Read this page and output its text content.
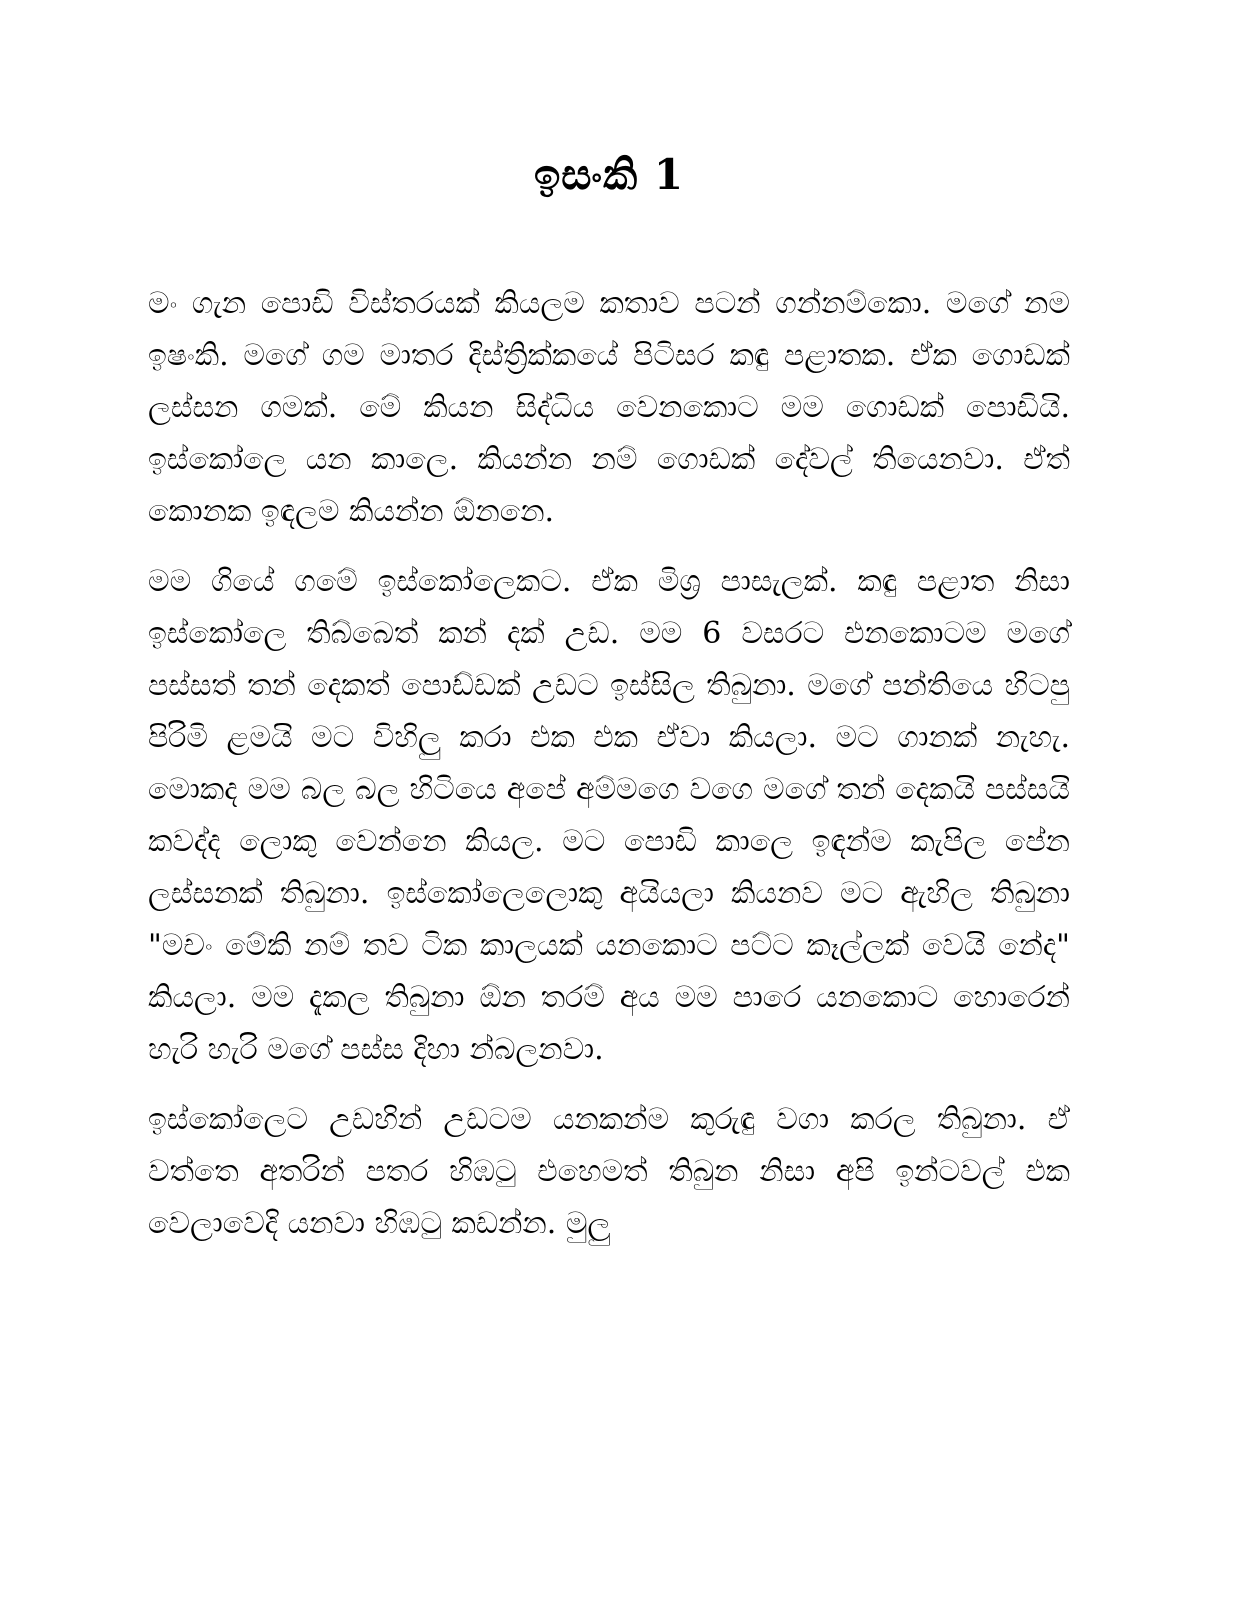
ඉසංකි 1

මං ගැන පොඩි විස්තරයක් කියලම කතාව පටන් ගන්නම්කො. මගේ නම ඉෂංකි. මගේ ගම මාතර දිස්ත්‍රික්කයේ පිටිසර කඳු පළාතක. ඒක ගොඩක් ලස්සන ගමක්. මේ කියන සිද්ධිය වෙනකොට මම ගොඩක් පොඩියි. ඉස්කෝලෙ යන කාලෙ. කියන්න නම් ගොඩක් දේවල් තියෙනවා. ඒත් කොනක ඉඳලම කියන්න ඕනනෙ.

මම ගියේ ගමේ ඉස්කෝලෙකට. ඒක මිශ්‍ර පාසැලක්. කඳු පළාත නිසා ඉස්කෝලෙ තිබ්බෙත් කන් දක් උඩ. මම 6 වසරට එනකොටම මගේ පස්සත් තන් දෙකත් පොඩ්ඩක් උඩට ඉස්සිල තිබුනා. මගේ පන්තියෙ හිටපු පිරිමි ළමයි මට විහිලු කරා එක එක ඒවා කියලා. මට ගානක් නැහැ. මොකද මම බල බල හිටියෙ අපේ අම්මගෙ වගෙ මගේ තන් දෙකයි පස්සයි කවද්ද ලොකු වෙන්නෙ කියල. මට පොඩි කාලෙ ඉඳන්ම කැපිල පේන ලස්සනක් තිබුනා. ඉස්කෝලෙලොකු අයියලා කියනව මට ඇහිල තිබුනා "මචං මේකි නම් තව ටික කාලයක් යනකොට පට්ට කෑල්ලක් වෙයි නේද" කියලා. මම දැකල තිබුනා ඕන තරම් අය මම පාරෙ යනකොට හොරෙන් හැරි හැරි මගේ පස්ස දිහා න්බලනවා.

ඉස්කෝලෙට උඩහින් උඩටම යනකන්ම කුරුඳු වගා කරල තිබුනා. ඒ වත්තෙ අතරින් පතර හිඹටු එහෙමත් තිබුන නිසා අපි ඉන්ටවල් එක වෙලාවෙදි යනවා හිඹටු කඩන්න. මුලු
